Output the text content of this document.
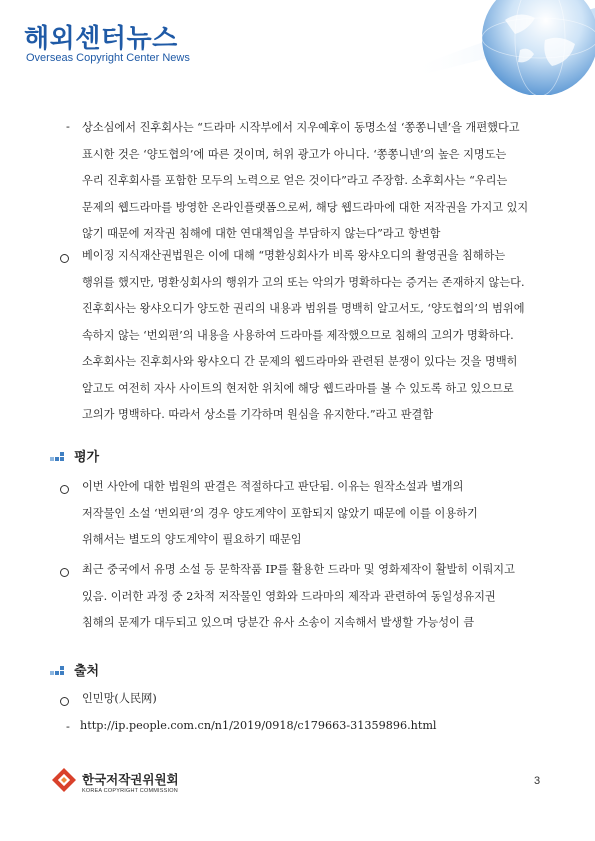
해외센터뉴스
Overseas Copyright Center News
- 상소심에서 진후회사는 “드라마 시작부에서 지우예후이 동명소설 ‘쫑쫑니넨’을 개편했다고
표시한 것은 ‘양도협의’에 따른 것이며, 허위 광고가 아니다. ‘쫑쫑니넨’의 높은 지명도는
우리 진후회사를 포함한 모두의 노력으로 얻은 것이다”라고 주장함. 소후회사는 “우리는
문제의 웹드라마를 방영한 온라인플랫폼으로써, 해당 웹드라마에 대한 저작권을 가지고 있지
않기 때문에 저작권 침해에 대한 연대책임을 부담하지 않는다”라고 항변함
베이징 지식재산권법원은 이에 대해 “명환싱회사가 비록 왕샤오디의 촬영권을 침해하는
행위를 했지만, 명환싱회사의 행위가 고의 또는 악의가 명확하다는 증거는 존재하지 않는다.
진후회사는 왕샤오디가 양도한 권리의 내용과 범위를 명백히 알고서도, ‘양도협의’의 범위에
속하지 않는 ‘번외편’의 내용을 사용하여 드라마를 제작했으므로 침해의 고의가 명확하다.
소후회사는 진후회사와 왕샤오디 간 문제의 웹드라마와 관련된 분쟁이 있다는 것을 명백히
알고도 여전히 자사 사이트의 현저한 위치에 해당 웹드라마를 볼 수 있도록 하고 있으므로
고의가 명백하다. 따라서 상소를 기각하며 원심을 유지한다.”라고 판결함
평가
이번 사안에 대한 법원의 판결은 적절하다고 판단됨. 이유는 원작소설과 별개의
저작물인 소설 ‘번외편’의 경우 양도계약이 포함되지 않았기 때문에 이를 이용하기
위해서는 별도의 양도계약이 필요하기 때문임
최근 중국에서 유명 소설 등 문학작품 IP를 활용한 드라마 및 영화제작이 활발히 이뤄지고
있음. 이러한 과정 중 2차적 저작물인 영화와 드라마의 제작과 관련하여 동일성유지권
침해의 문제가 대두되고 있으며 당분간 유사 소송이 지속해서 발생할 가능성이 큼
출처
인민망(人民网)
- http://ip.people.com.cn/n1/2019/0918/c179663-31359896.html
한국저작권위원회
KOREA COPYRIGHT COMMISSION
3
